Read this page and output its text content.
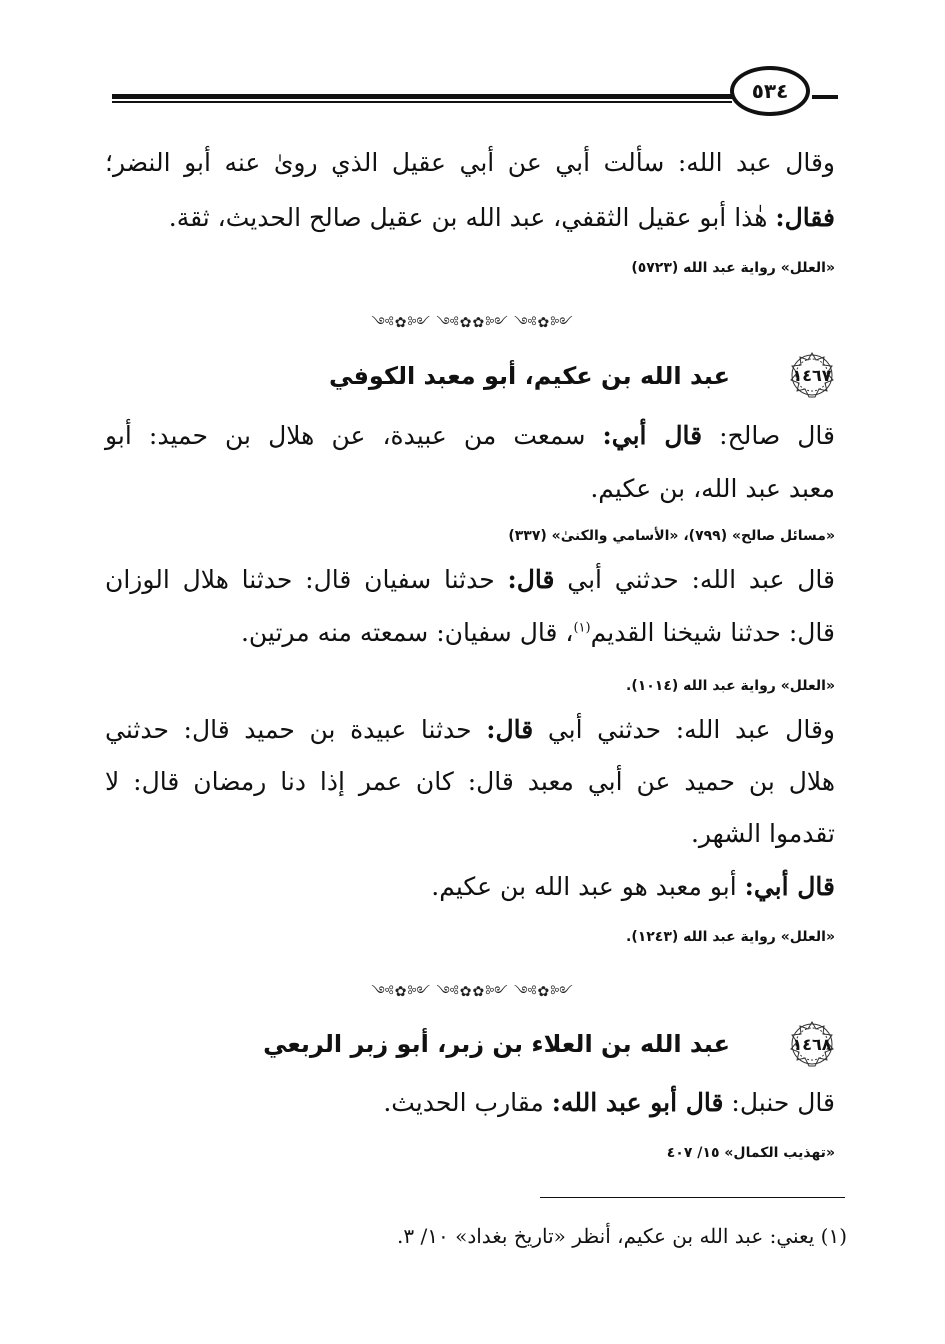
٥٣٤
وقال عبد الله: سألت أبي عن أبي عقيل الذي روىٰ عنه أبو النضر؛
فقال: هٰذا أبو عقيل الثقفي، عبد الله بن عقيل صالح الحديث، ثقة.
«العلل» رواية عبد الله (٥٧٢٣)
༺✿༻ ༺✿✿༻ ༺✿༻
١٤٦٧
عبد الله بن عكيم، أبو معبد الكوفي
قال صالح: قال أبي: سمعت من عبيدة، عن هلال بن حميد: أبو
معبد عبد الله، بن عكيم.
«مسائل صالح» (٧٩٩)، «الأسامي والكنىٰ» (٣٣٧)
قال عبد الله: حدثني أبي قال: حدثنا سفيان قال: حدثنا هلال الوزان
قال: حدثنا شيخنا القديم$^{(١)}$، قال سفيان: سمعته منه مرتين.
«العلل» رواية عبد الله (١٠١٤).
وقال عبد الله: حدثني أبي قال: حدثنا عبيدة بن حميد قال: حدثني
هلال بن حميد عن أبي معبد قال: كان عمر إذا دنا رمضان قال: لا
تقدموا الشهر.
قال أبي: أبو معبد هو عبد الله بن عكيم.
«العلل» رواية عبد الله (١٢٤٣).
༺✿༻ ༺✿✿༻ ༺✿༻
١٤٦٨
عبد الله بن العلاء بن زبر، أبو زبر الربعي
قال حنبل: قال أبو عبد الله: مقارب الحديث.
«تهذيب الكمال» ١٥/ ٤٠٧
(١) يعني: عبد الله بن عكيم، أنظر «تاريخ بغداد» ١٠/ ٣.
